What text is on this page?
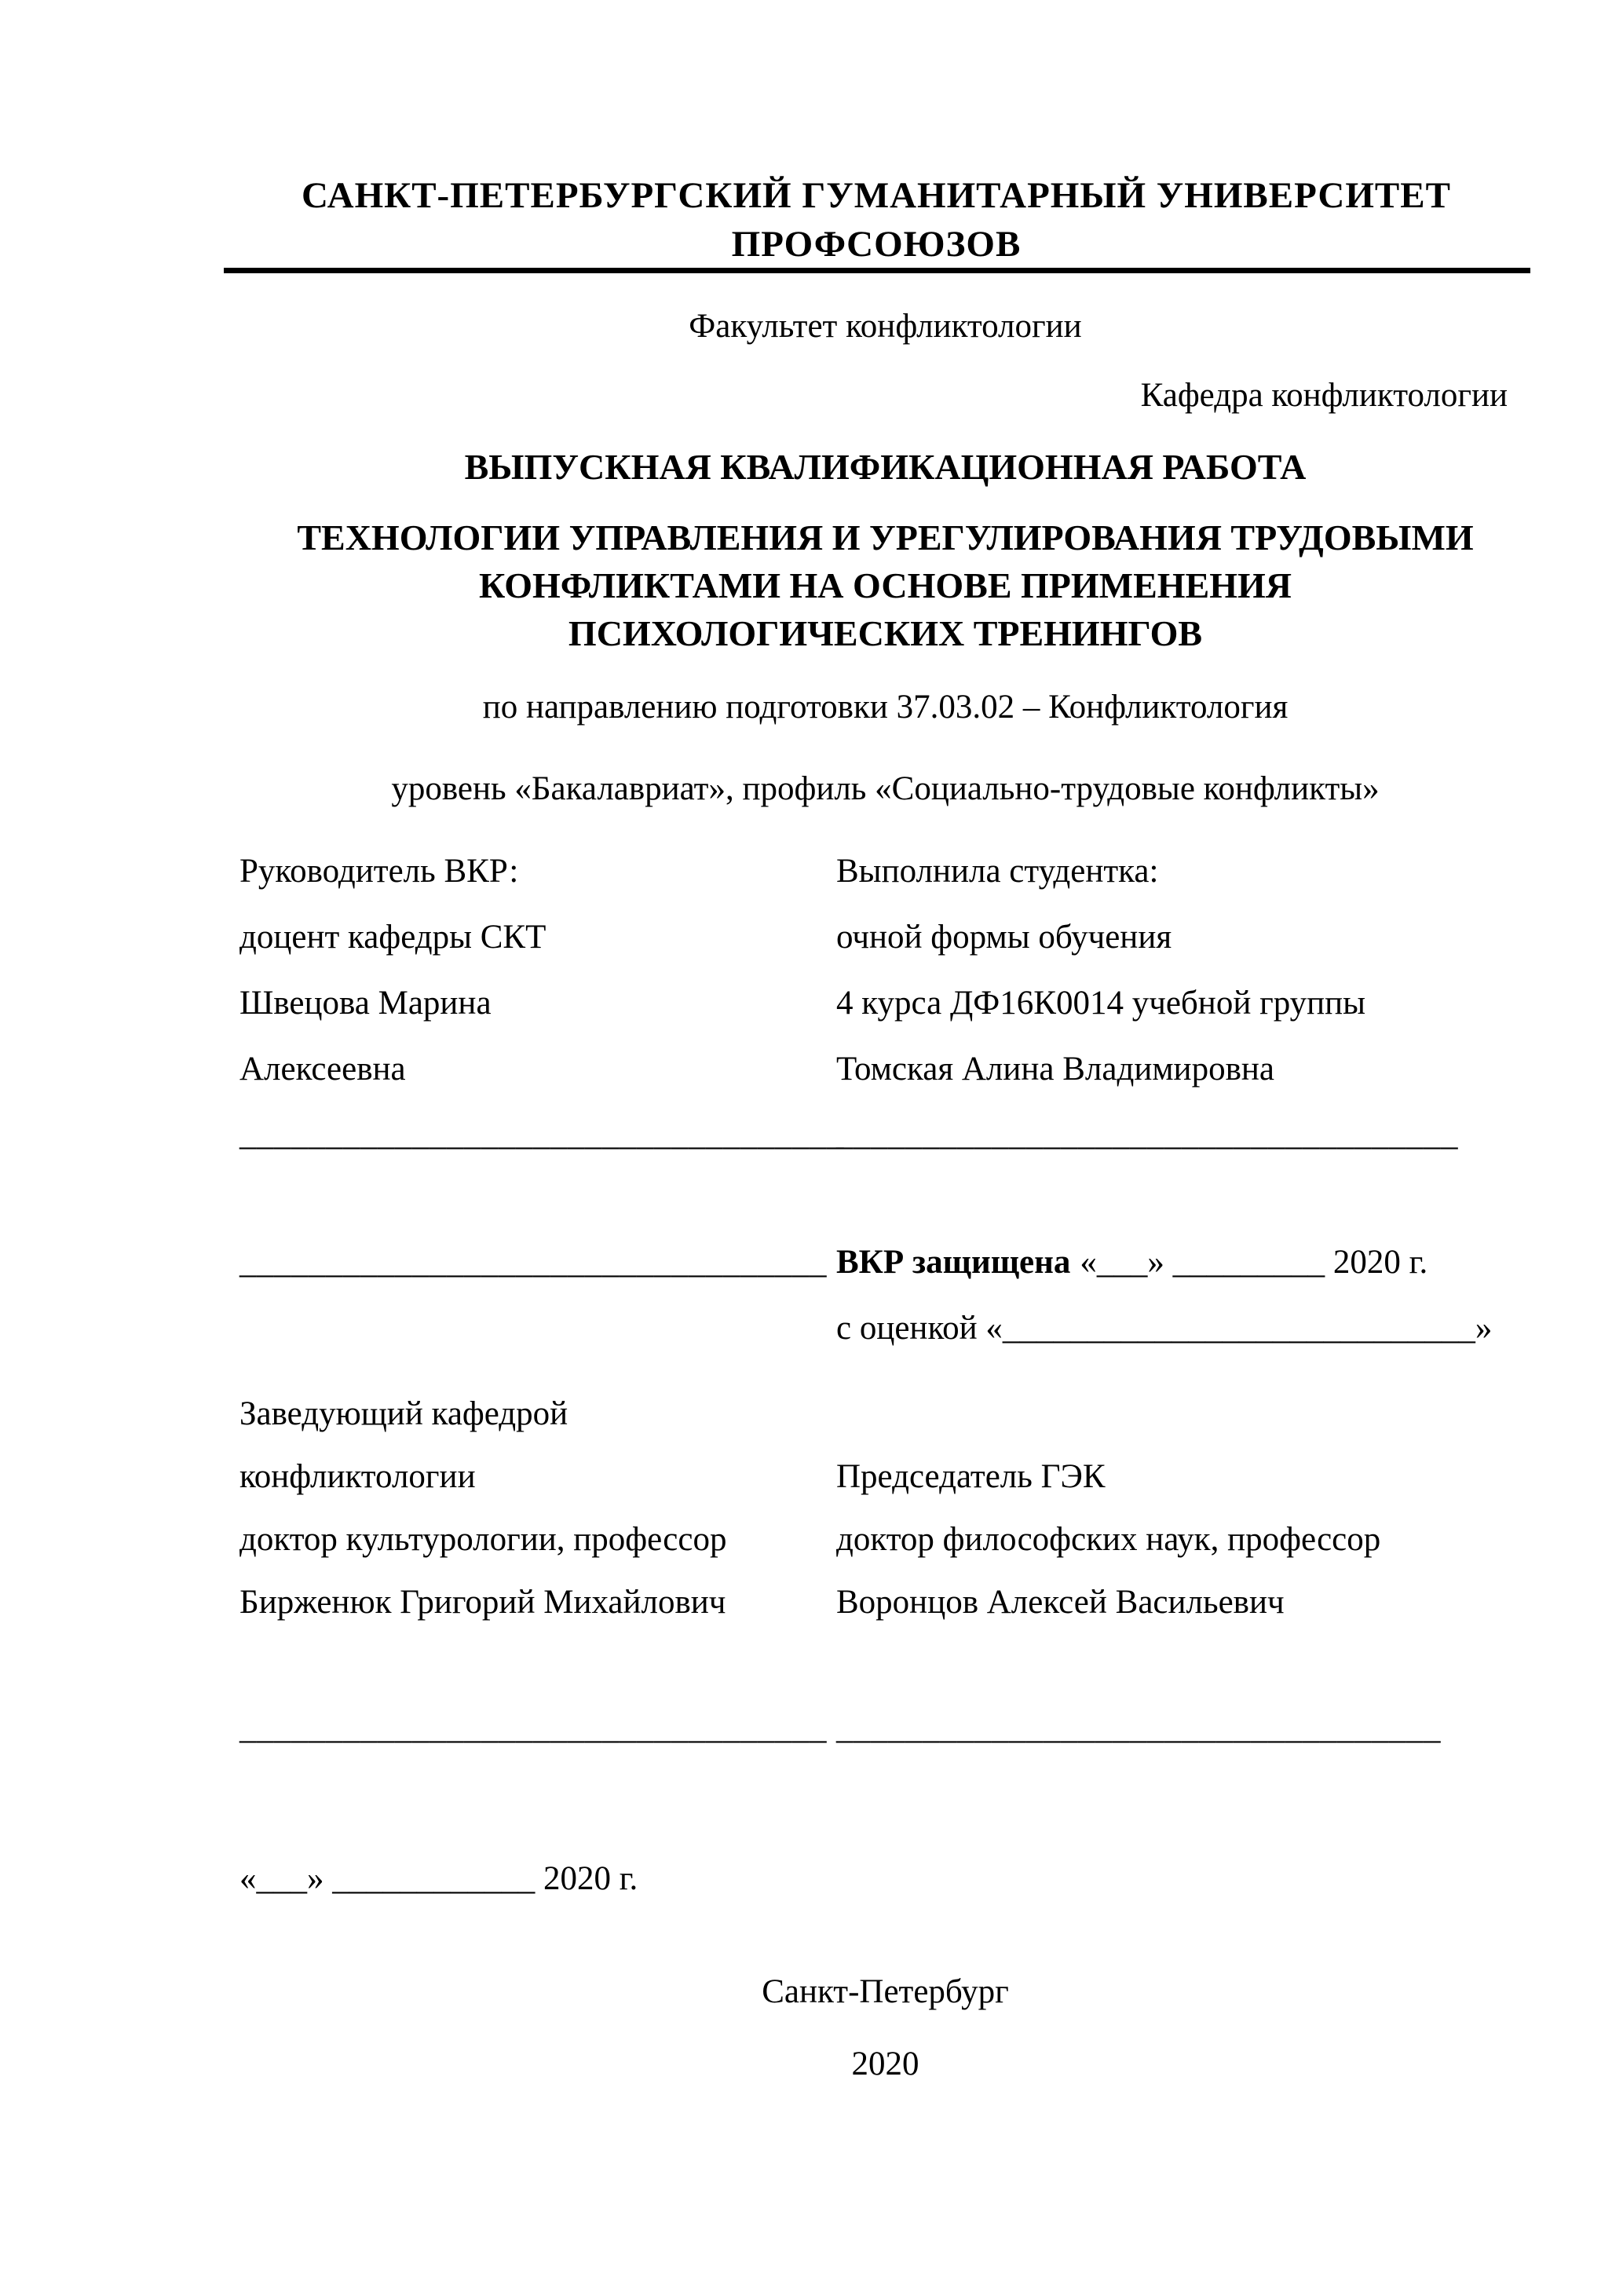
САНКТ-ПЕТЕРБУРГСКИЙ ГУМАНИТАРНЫЙ УНИВЕРСИТЕТ
ПРОФСОЮЗОВ
Факультет конфликтологии
Кафедра конфликтологии
ВЫПУСКНАЯ КВАЛИФИКАЦИОННАЯ РАБОТА
ТЕХНОЛОГИИ УПРАВЛЕНИЯ И УРЕГУЛИРОВАНИЯ ТРУДОВЫМИ
КОНФЛИКТАМИ НА ОСНОВЕ ПРИМЕНЕНИЯ
ПСИХОЛОГИЧЕСКИХ ТРЕНИНГОВ
по направлению подготовки 37.03.02 – Конфликтология
уровень «Бакалавриат», профиль «Социально-трудовые конфликты»
Руководитель ВКР:	Выполнила студентка:
доцент кафедры СКТ	очной формы обучения
Швецова Марина	4 курса ДФ16К0014 учебной группы
Алексеевна	Томская Алина Владимировна
___________________________________
____________________________________
__________________________________ ВКР защищена «___» _________ 2020 г.
с оценкой «____________________________»
Заведующий кафедрой
конфликтологии	Председатель ГЭК
доктор культурологии, профессор	доктор философских наук, профессор
Бирженюк Григорий Михайлович	Воронцов Алексей Васильевич
__________________________________ ___________________________________
«___» ____________ 2020 г.
Санкт-Петербург
2020
